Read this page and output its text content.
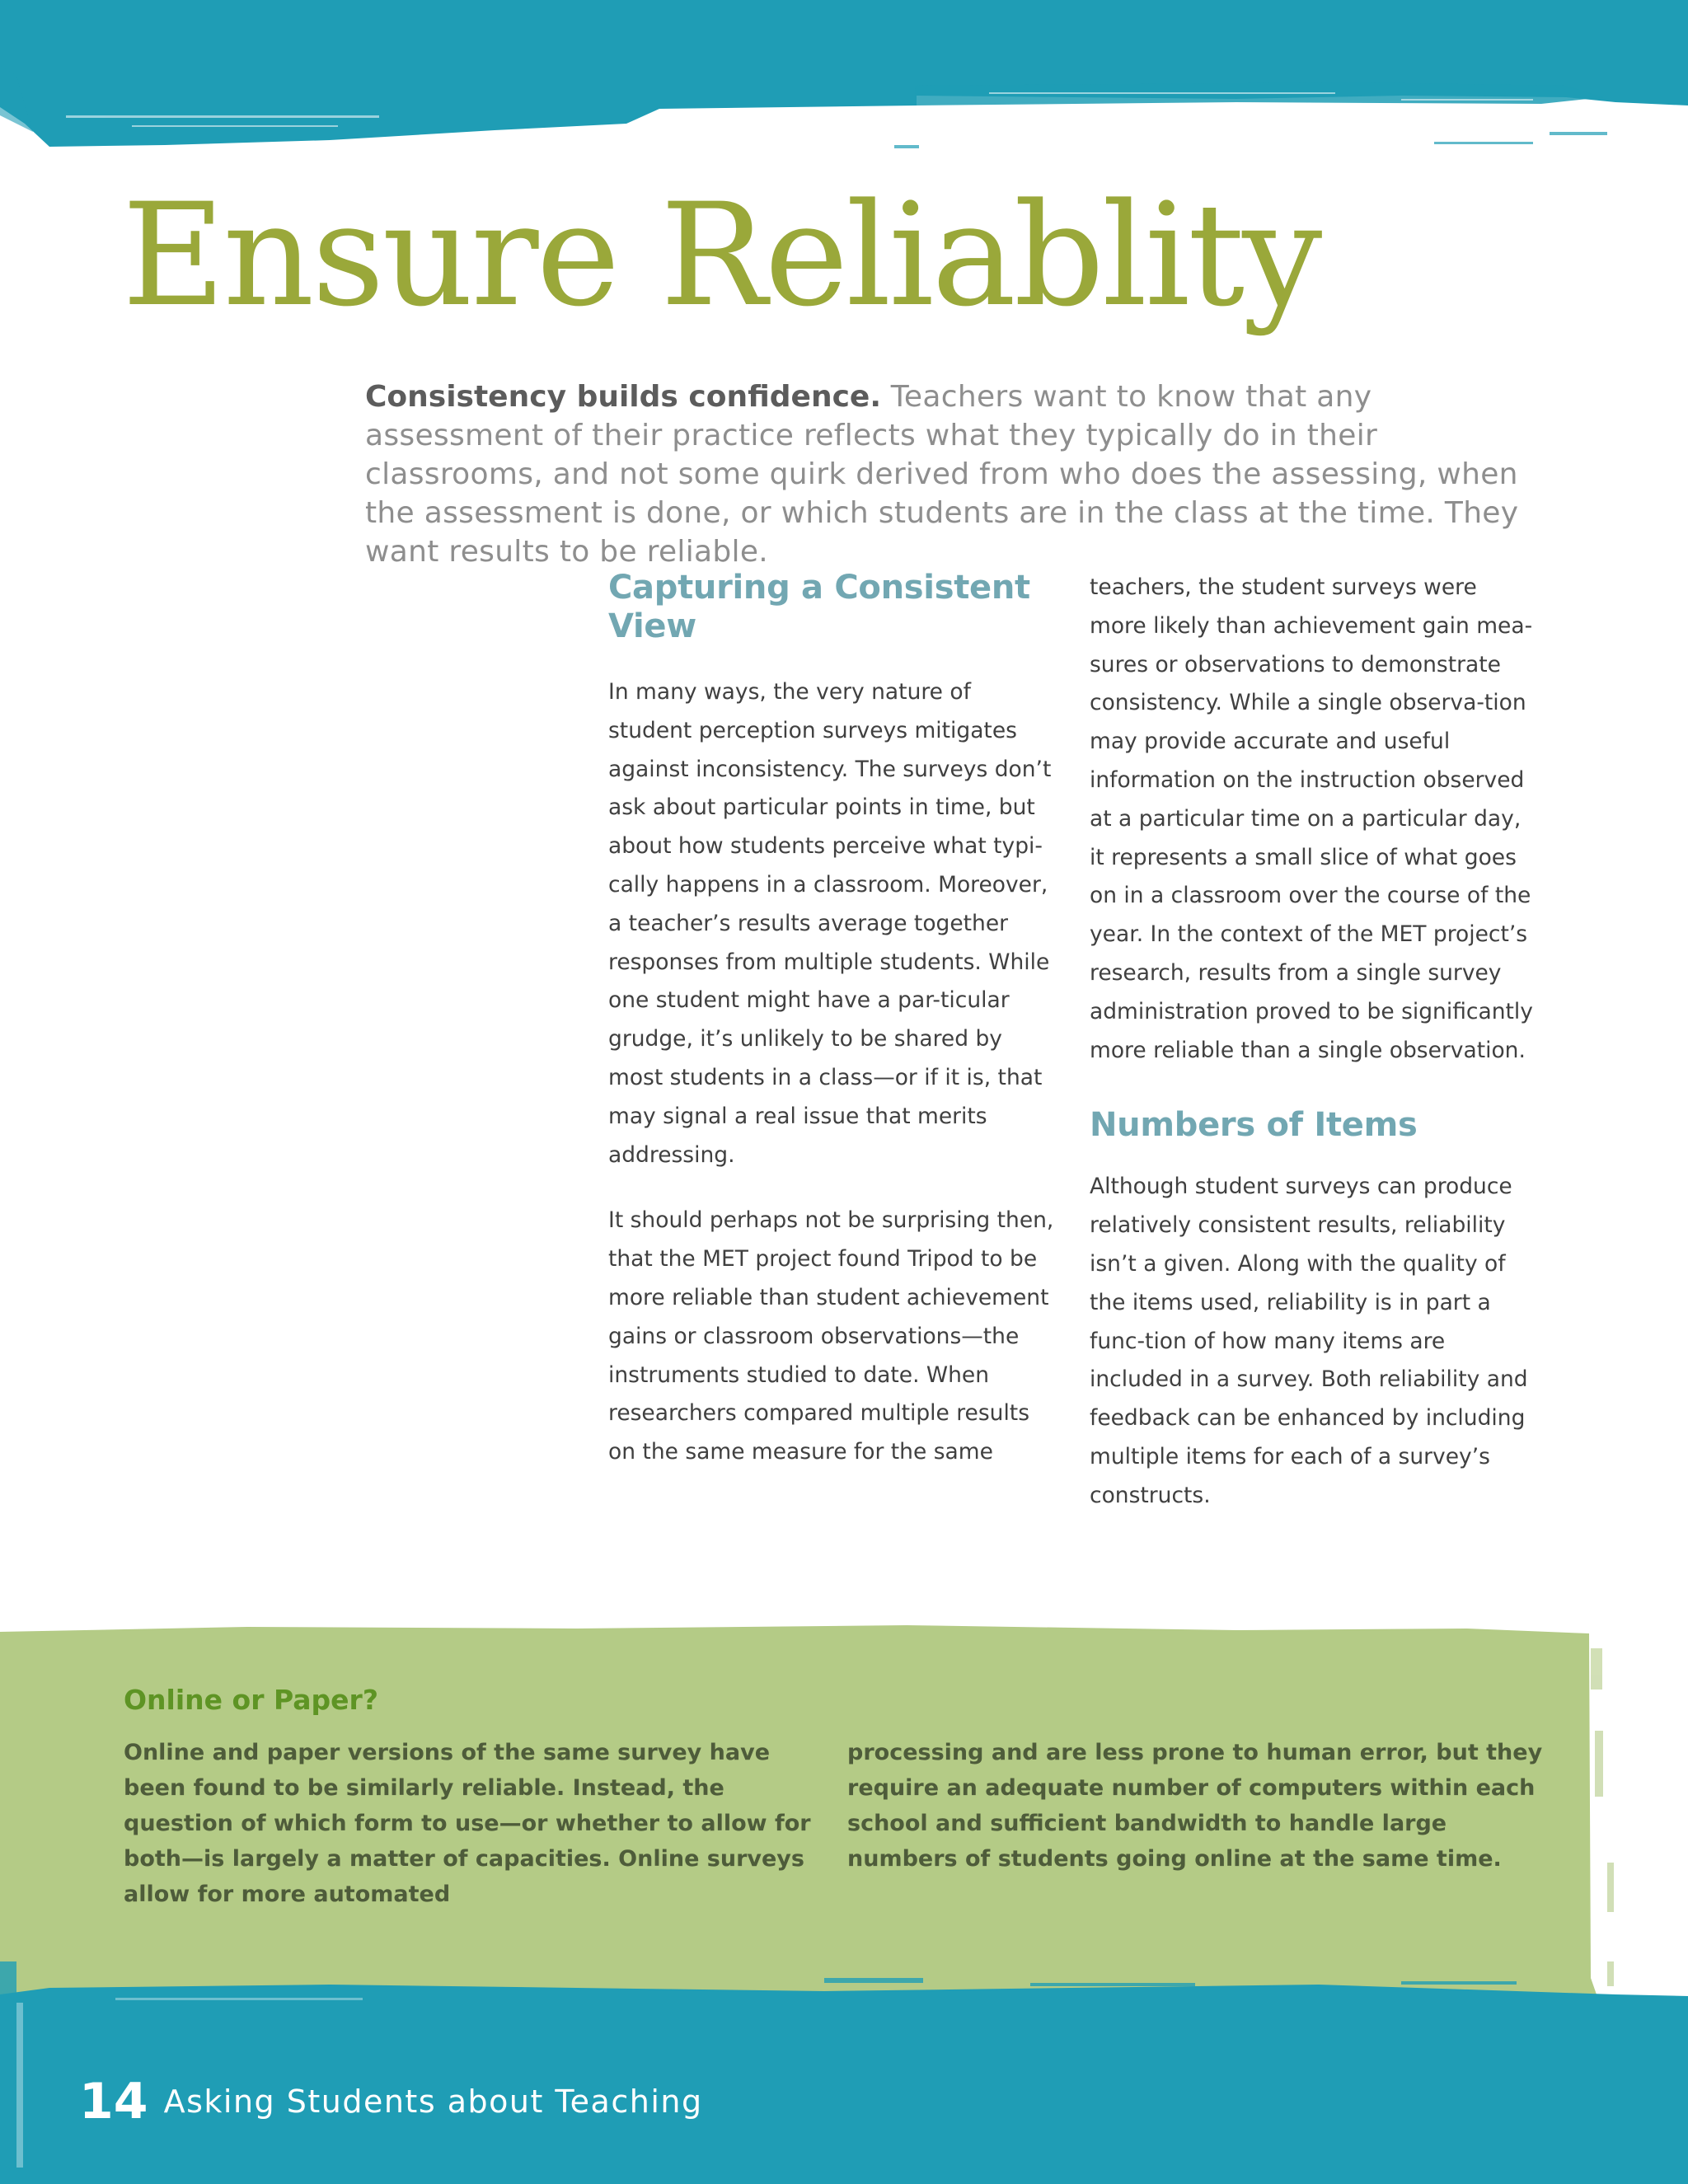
Ensure Reliablity

Consistency builds confidence. Teachers want to know that any assessment of their practice reflects what they typically do in their classrooms, and not some quirk derived from who does the assessing, when the assessment is done, or which students are in the class at the time. They want results to be reliable.

Capturing a Consistent View

In many ways, the very nature of student perception surveys mitigates against inconsistency. The surveys don’t ask about particular points in time, but about how students perceive what typi-cally happens in a classroom. Moreover, a teacher’s results average together responses from multiple students. While one student might have a par-ticular grudge, it’s unlikely to be shared by most students in a class—or if it is, that may signal a real issue that merits addressing.

It should perhaps not be surprising then, that the MET project found Tripod to be more reliable than student achievement gains or classroom observations—the instruments studied to date. When researchers compared multiple results on the same measure for the same

teachers, the student surveys were more likely than achievement gain mea-sures or observations to demonstrate consistency. While a single observa-tion may provide accurate and useful information on the instruction observed at a particular time on a particular day, it represents a small slice of what goes on in a classroom over the course of the year. In the context of the MET project’s research, results from a single survey administration proved to be significantly more reliable than a single observation.

Numbers of Items

Although student surveys can produce relatively consistent results, reliability isn’t a given. Along with the quality of the items used, reliability is in part a func-tion of how many items are included in a survey. Both reliability and feedback can be enhanced by including multiple items for each of a survey’s constructs.

Online or Paper?

Online and paper versions of the same survey have been found to be similarly reliable. Instead, the question of which form to use—or whether to allow for both—is largely a matter of capacities. Online surveys allow for more automated

processing and are less prone to human error, but they require an adequate number of computers within each school and sufficient bandwidth to handle large numbers of students going online at the same time.

14 Asking Students about Teaching
